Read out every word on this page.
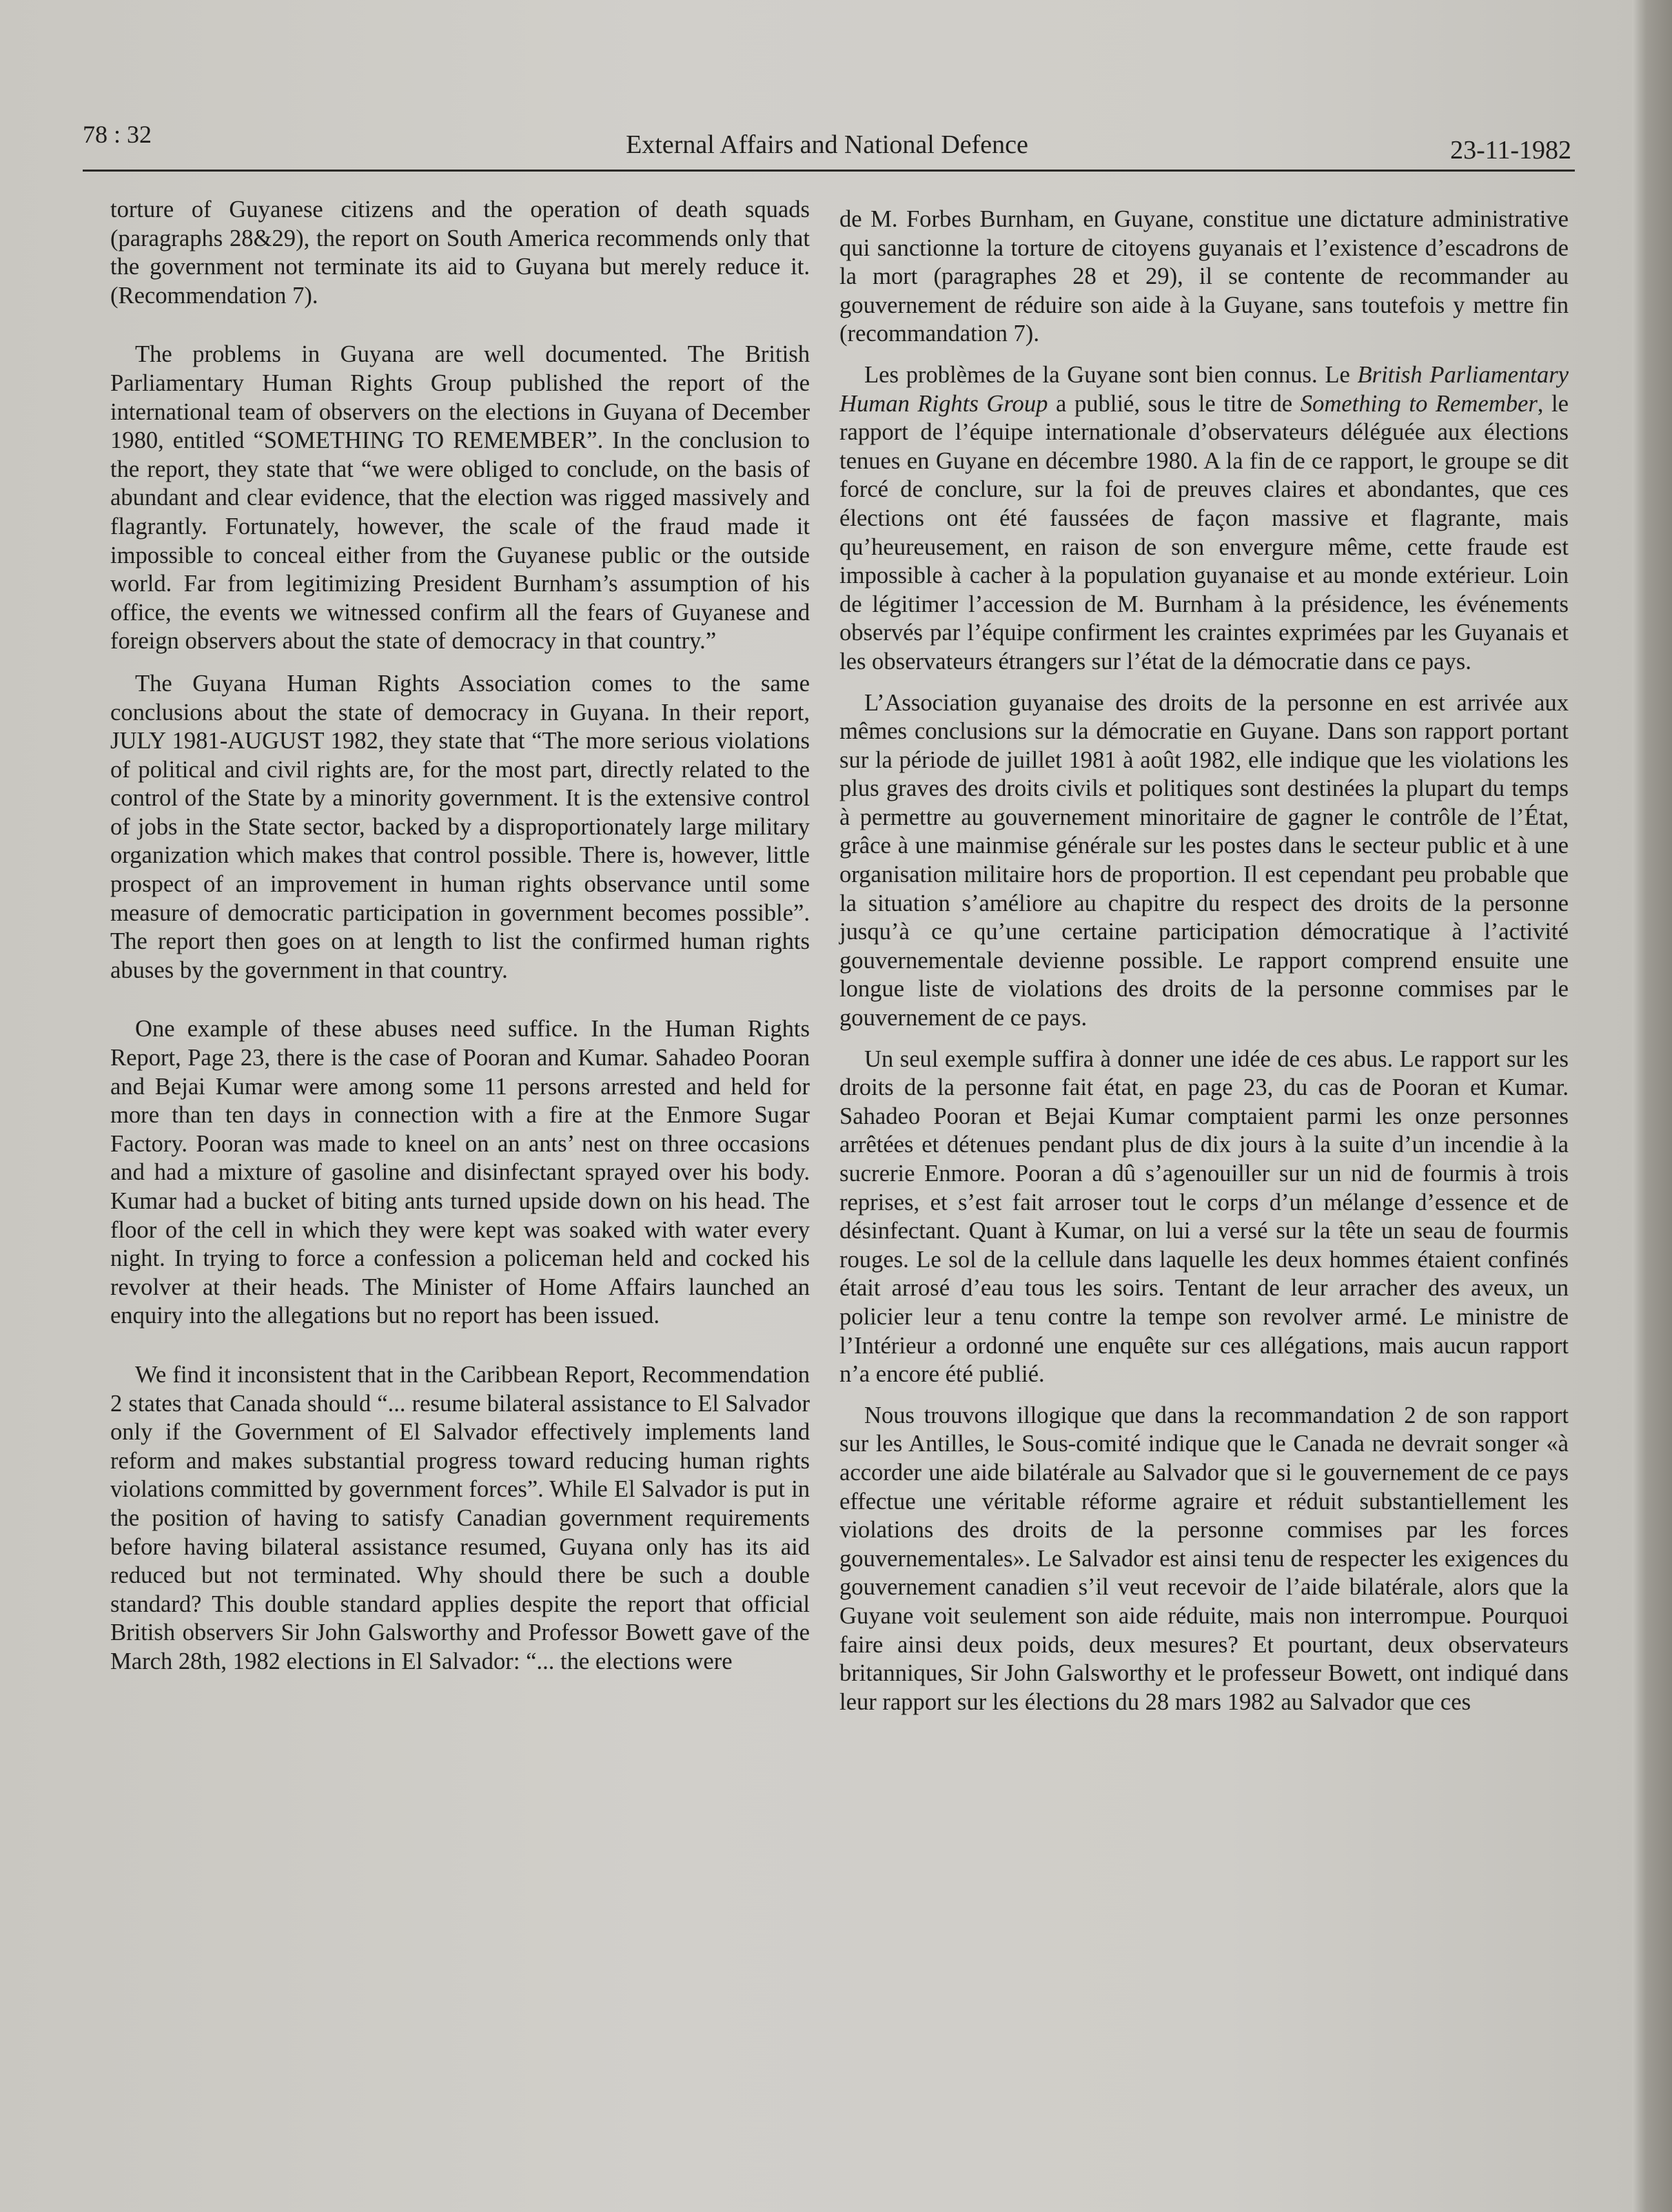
78 : 32	External Affairs and National Defence	23-11-1982

torture of Guyanese citizens and the operation of death squads (paragraphs 28&29), the report on South America recommends only that the government not terminate its aid to Guyana but merely reduce it. (Recommendation 7).

The problems in Guyana are well documented. The British Parliamentary Human Rights Group published the report of the international team of observers on the elections in Guyana of December 1980, entitled “SOMETHING TO REMEMBER”. In the conclusion to the report, they state that “we were obliged to conclude, on the basis of abundant and clear evidence, that the election was rigged massively and flagrantly. Fortunately, however, the scale of the fraud made it impossible to conceal either from the Guyanese public or the outside world. Far from legitimizing President Burnham’s assumption of his office, the events we witnessed confirm all the fears of Guyanese and foreign observers about the state of democracy in that country.”

The Guyana Human Rights Association comes to the same conclusions about the state of democracy in Guyana. In their report, JULY 1981-AUGUST 1982, they state that “The more serious violations of political and civil rights are, for the most part, directly related to the control of the State by a minority government. It is the extensive control of jobs in the State sector, backed by a disproportionately large military organization which makes that control possible. There is, however, little prospect of an improvement in human rights observance until some measure of democratic participation in government becomes possible”. The report then goes on at length to list the confirmed human rights abuses by the government in that country.

One example of these abuses need suffice. In the Human Rights Report, Page 23, there is the case of Pooran and Kumar. Sahadeo Pooran and Bejai Kumar were among some 11 persons arrested and held for more than ten days in connection with a fire at the Enmore Sugar Factory. Pooran was made to kneel on an ants’ nest on three occasions and had a mixture of gasoline and disinfectant sprayed over his body. Kumar had a bucket of biting ants turned upside down on his head. The floor of the cell in which they were kept was soaked with water every night. In trying to force a confession a policeman held and cocked his revolver at their heads. The Minister of Home Affairs launched an enquiry into the allegations but no report has been issued.

We find it inconsistent that in the Caribbean Report, Recommendation 2 states that Canada should “... resume bilateral assistance to El Salvador only if the Government of El Salvador effectively implements land reform and makes substantial progress toward reducing human rights violations committed by government forces”. While El Salvador is put in the position of having to satisfy Canadian government requirements before having bilateral assistance resumed, Guyana only has its aid reduced but not terminated. Why should there be such a double standard? This double standard applies despite the report that official British observers Sir John Galsworthy and Professor Bowett gave of the March 28th, 1982 elections in El Salvador: “... the elections were

de M. Forbes Burnham, en Guyane, constitue une dictature administrative qui sanctionne la torture de citoyens guyanais et l’existence d’escadrons de la mort (paragraphes 28 et 29), il se contente de recommander au gouvernement de réduire son aide à la Guyane, sans toutefois y mettre fin (recommandation 7).

Les problèmes de la Guyane sont bien connus. Le British Parliamentary Human Rights Group a publié, sous le titre de Something to Remember, le rapport de l’équipe internationale d’observateurs déléguée aux élections tenues en Guyane en décembre 1980. A la fin de ce rapport, le groupe se dit forcé de conclure, sur la foi de preuves claires et abondantes, que ces élections ont été faussées de façon massive et flagrante, mais qu’heureusement, en raison de son envergure même, cette fraude est impossible à cacher à la population guyanaise et au monde extérieur. Loin de légitimer l’accession de M. Burnham à la présidence, les événements observés par l’équipe confirment les craintes exprimées par les Guyanais et les observateurs étrangers sur l’état de la démocratie dans ce pays.

L’Association guyanaise des droits de la personne en est arrivée aux mêmes conclusions sur la démocratie en Guyane. Dans son rapport portant sur la période de juillet 1981 à août 1982, elle indique que les violations les plus graves des droits civils et politiques sont destinées la plupart du temps à permettre au gouvernement minoritaire de gagner le contrôle de l’État, grâce à une mainmise générale sur les postes dans le secteur public et à une organisation militaire hors de proportion. Il est cependant peu probable que la situation s’améliore au chapitre du respect des droits de la personne jusqu’à ce qu’une certaine participation démocratique à l’activité gouvernementale devienne possible. Le rapport comprend ensuite une longue liste de violations des droits de la personne commises par le gouvernement de ce pays.

Un seul exemple suffira à donner une idée de ces abus. Le rapport sur les droits de la personne fait état, en page 23, du cas de Pooran et Kumar. Sahadeo Pooran et Bejai Kumar comptaient parmi les onze personnes arrêtées et détenues pendant plus de dix jours à la suite d’un incendie à la sucrerie Enmore. Pooran a dû s’agenouiller sur un nid de fourmis à trois reprises, et s’est fait arroser tout le corps d’un mélange d’essence et de désinfectant. Quant à Kumar, on lui a versé sur la tête un seau de fourmis rouges. Le sol de la cellule dans laquelle les deux hommes étaient confinés était arrosé d’eau tous les soirs. Tentant de leur arracher des aveux, un policier leur a tenu contre la tempe son revolver armé. Le ministre de l’Intérieur a ordonné une enquête sur ces allégations, mais aucun rapport n’a encore été publié.

Nous trouvons illogique que dans la recommandation 2 de son rapport sur les Antilles, le Sous-comité indique que le Canada ne devrait songer «à accorder une aide bilatérale au Salvador que si le gouvernement de ce pays effectue une véritable réforme agraire et réduit substantiellement les violations des droits de la personne commises par les forces gouvernementales». Le Salvador est ainsi tenu de respecter les exigences du gouvernement canadien s’il veut recevoir de l’aide bilatérale, alors que la Guyane voit seulement son aide réduite, mais non interrompue. Pourquoi faire ainsi deux poids, deux mesures? Et pourtant, deux observateurs britanniques, Sir John Galsworthy et le professeur Bowett, ont indiqué dans leur rapport sur les élections du 28 mars 1982 au Salvador que ces
